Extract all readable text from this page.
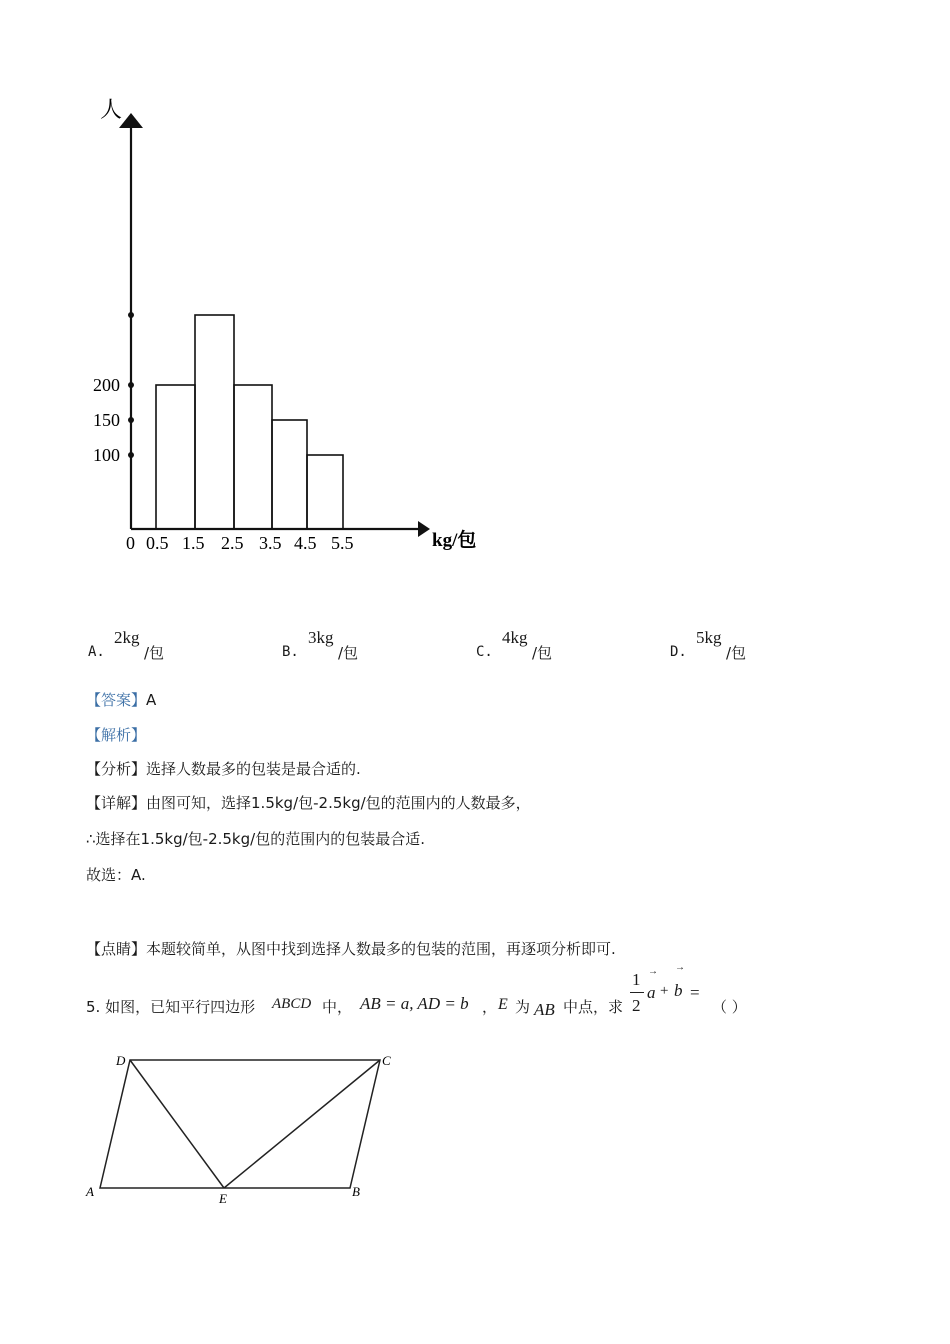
人
kg/包
200
150
100
0 0.5 1.5 2.5 3.5 4.5 5.5
A.
2kg
/包	B.
3kg
/包	C.
4kg
/包	D.
5kg
/包
【答案】A
【解析】
【分析】选择人数最多的包装是最合适的.
【详解】由图可知，选择1.5kg/包-2.5kg/包的范围内的人数最多，
∴选择在1.5kg/包-2.5kg/包的范围内的包装最合适.
故选：A.
【点睛】本题较简单，从图中找到选择人数最多的包装的范围，再逐项分析即可.
5. 如图，已知平行四边形 ABCD 中， AB = a, AD = b ， E 为 AB 中点，求
1
2
→
a +
→
b =
（ ）
D	C
A	E	B
